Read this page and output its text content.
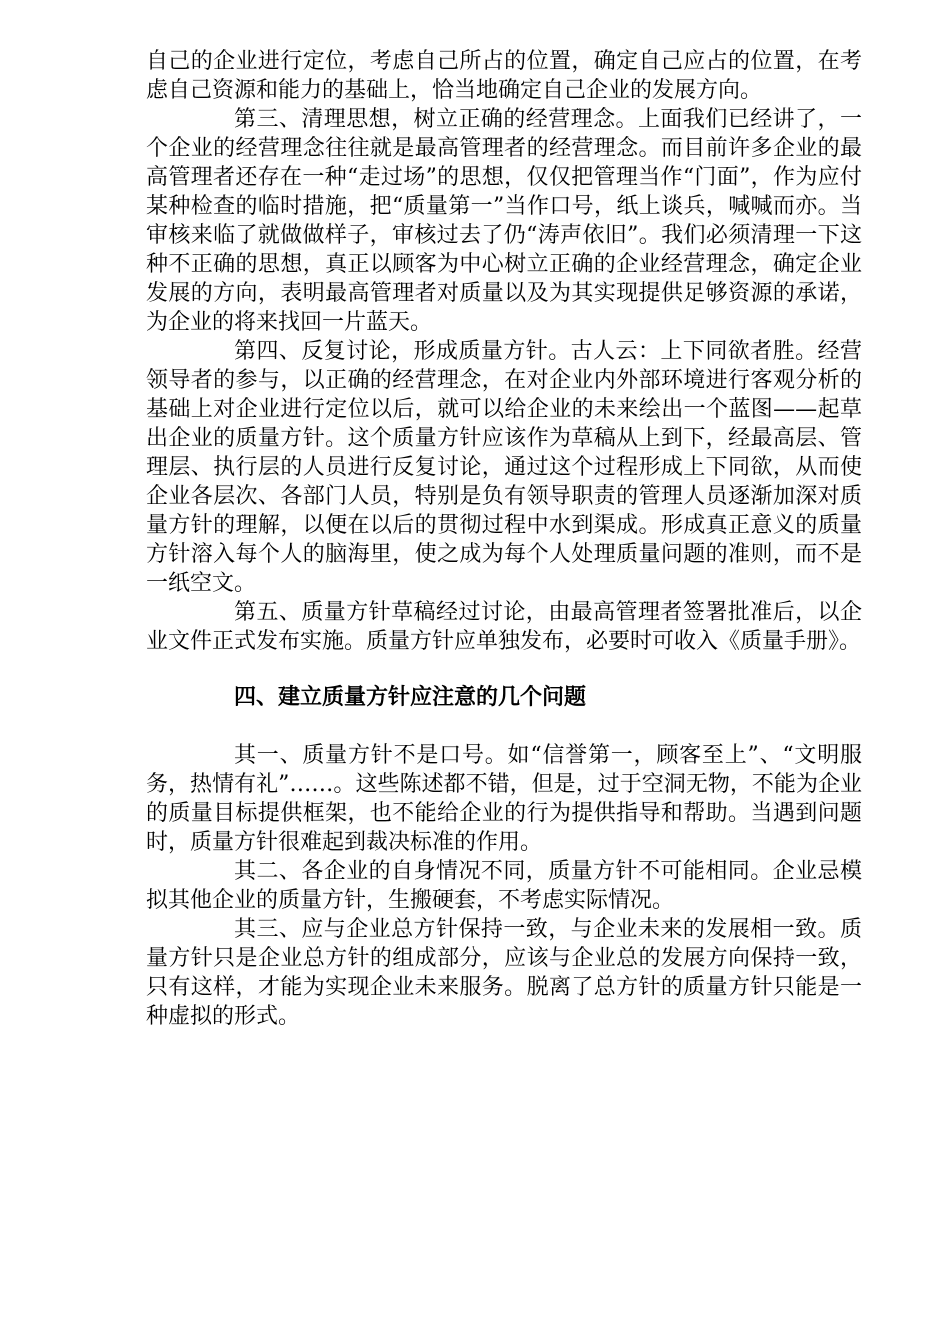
自己的企业进行定位，考虑自己所占的位置，确定自己应占的位置，在考虑自己资源和能力的基础上，恰当地确定自己企业的发展方向。

第三、清理思想，树立正确的经营理念。上面我们已经讲了，一个企业的经营理念往往就是最高管理者的经营理念。而目前许多企业的最高管理者还存在一种“走过场”的思想，仅仅把管理当作“门面”，作为应付某种检查的临时措施，把“质量第一”当作口号，纸上谈兵，喊喊而亦。当审核来临了就做做样子，审核过去了仍“涛声依旧”。我们必须清理一下这种不正确的思想，真正以顾客为中心树立正确的企业经营理念，确定企业发展的方向，表明最高管理者对质量以及为其实现提供足够资源的承诺，为企业的将来找回一片蓝天。

第四、反复讨论，形成质量方针。古人云：上下同欲者胜。经营领导者的参与，以正确的经营理念，在对企业内外部环境进行客观分析的基础上对企业进行定位以后，就可以给企业的未来绘出一个蓝图——起草出企业的质量方针。这个质量方针应该作为草稿从上到下，经最高层、管理层、执行层的人员进行反复讨论，通过这个过程形成上下同欲，从而使企业各层次、各部门人员，特别是负有领导职责的管理人员逐渐加深对质量方针的理解，以便在以后的贯彻过程中水到渠成。形成真正意义的质量方针溶入每个人的脑海里，使之成为每个人处理质量问题的准则，而不是一纸空文。

第五、质量方针草稿经过讨论，由最高管理者签署批准后，以企业文件正式发布实施。质量方针应单独发布，必要时可收入《质量手册》。

四、建立质量方针应注意的几个问题

其一、质量方针不是口号。如“信誉第一，顾客至上”、“文明服务，热情有礼”……。这些陈述都不错，但是，过于空洞无物，不能为企业的质量目标提供框架，也不能给企业的行为提供指导和帮助。当遇到问题时，质量方针很难起到裁决标准的作用。

其二、各企业的自身情况不同，质量方针不可能相同。企业忌模拟其他企业的质量方针，生搬硬套，不考虑实际情况。

其三、应与企业总方针保持一致，与企业未来的发展相一致。质量方针只是企业总方针的组成部分，应该与企业总的发展方向保持一致，只有这样，才能为实现企业未来服务。脱离了总方针的质量方针只能是一种虚拟的形式。
